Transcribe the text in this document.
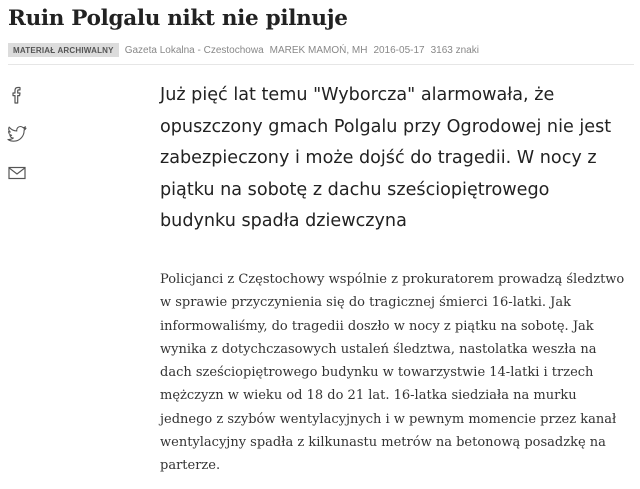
Ruin Polgalu nikt nie pilnuje
MATERIAŁ ARCHIWALNY	Gazeta Lokalna - Czestochowa MAREK MAMOŃ, MH 2016-05-17 3163 znaki

Już pięć lat temu "Wyborcza" alarmowała, że opuszczony gmach Polgalu przy Ogrodowej nie jest zabezpieczony i może dojść do tragedii. W nocy z piątku na sobotę z dachu sześciopiętrowego budynku spadła dziewczyna

Policjanci z Częstochowy wspólnie z prokuratorem prowadzą śledztwo w sprawie przyczynienia się do tragicznej śmierci 16-latki. Jak informowaliśmy, do tragedii doszło w nocy z piątku na sobotę. Jak wynika z dotychczasowych ustaleń śledztwa, nastolatka weszła na dach sześciopiętrowego budynku w towarzystwie 14-latki i trzech mężczyzn w wieku od 18 do 21 lat. 16-latka siedziała na murku jednego z szybów wentylacyjnych i w pewnym momencie przez kanał wentylacyjny spadła z kilkunastu metrów na betonową posadzkę na parterze.
